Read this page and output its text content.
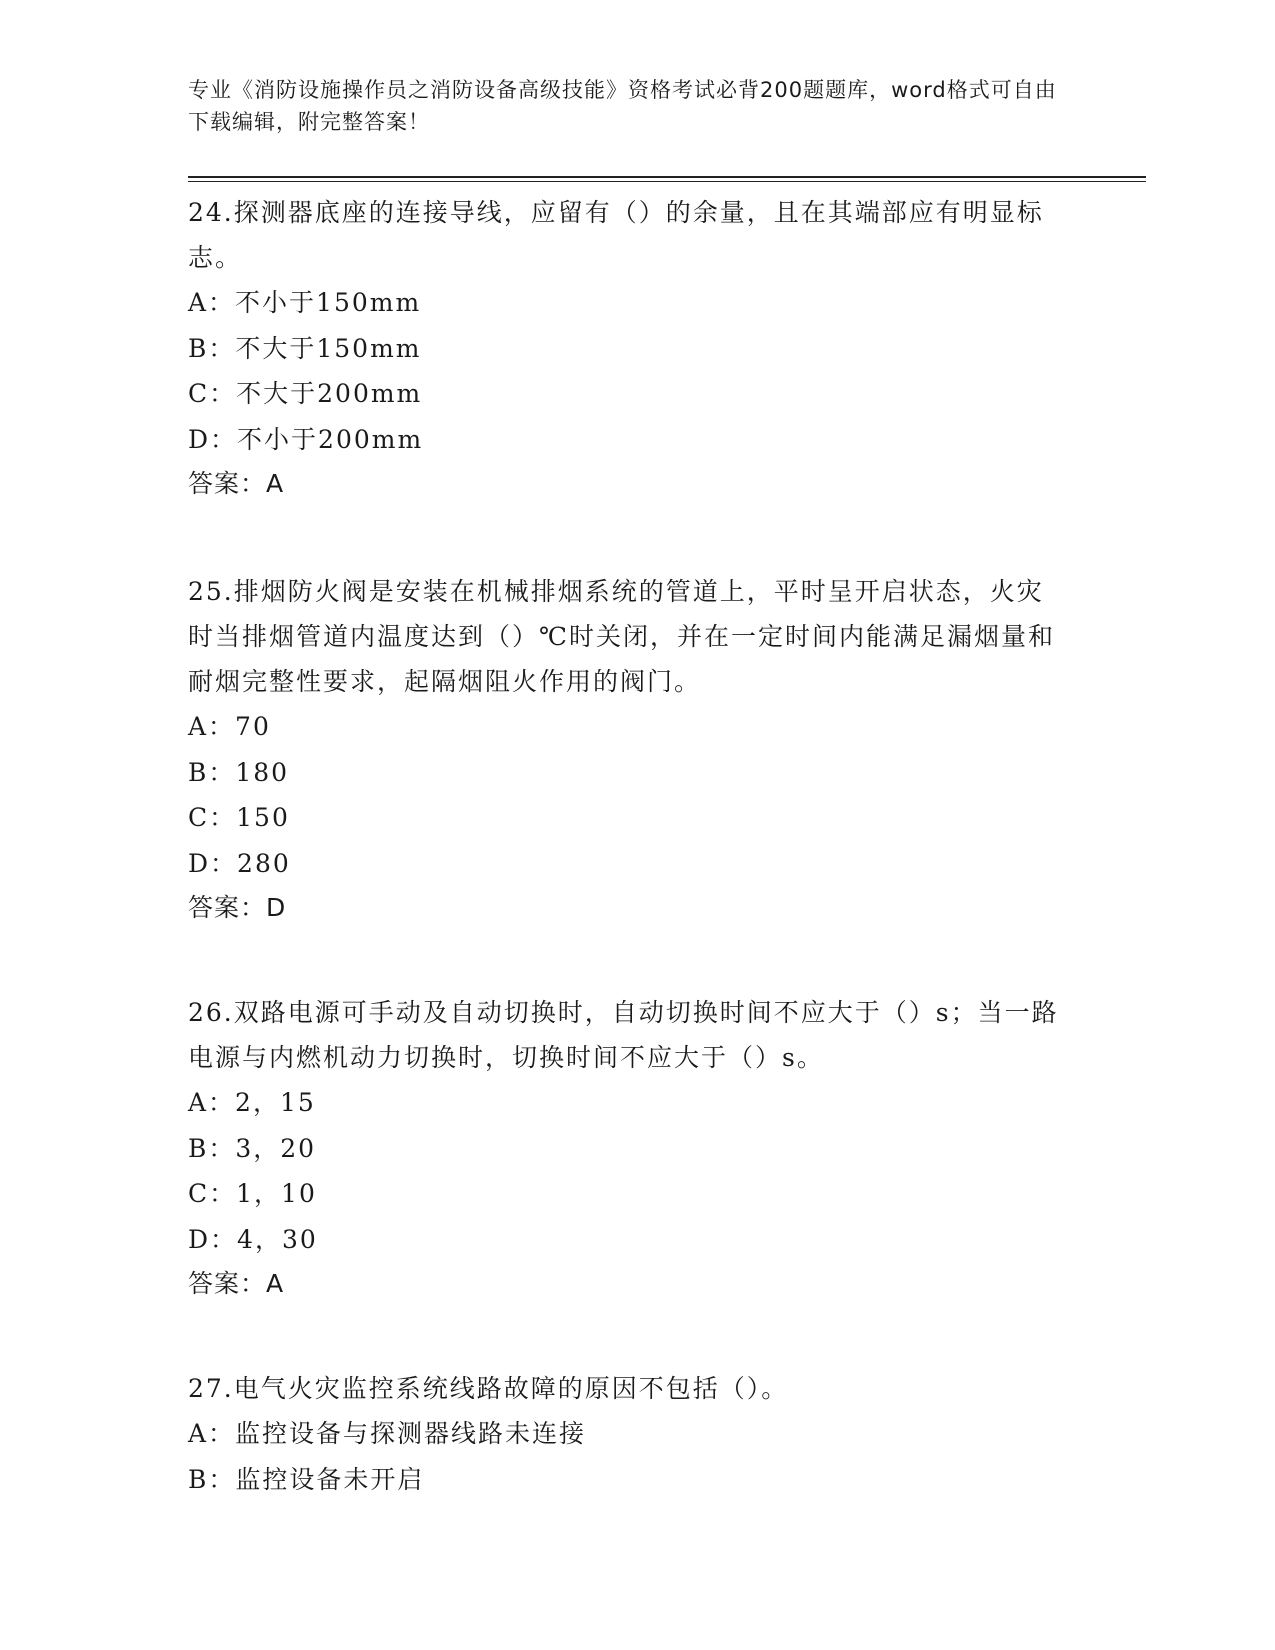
专业《消防设施操作员之消防设备高级技能》资格考试必背200题题库，word格式可自由下载编辑，附完整答案！

24.探测器底座的连接导线，应留有（）的余量，且在其端部应有明显标志。

A：不小于150mm

B：不大于150mm

C：不大于200mm

D：不小于200mm

答案：A

25.排烟防火阀是安装在机械排烟系统的管道上，平时呈开启状态，火灾时当排烟管道内温度达到（）℃时关闭，并在一定时间内能满足漏烟量和耐烟完整性要求，起隔烟阻火作用的阀门。

A：70

B：180

C：150

D：280

答案：D

26.双路电源可手动及自动切换时，自动切换时间不应大于（）s；当一路电源与内燃机动力切换时，切换时间不应大于（）s。

A：2，15

B：3，20

C：1，10

D：4，30

答案：A

27.电气火灾监控系统线路故障的原因不包括（）。

A：监控设备与探测器线路未连接

B：监控设备未开启
